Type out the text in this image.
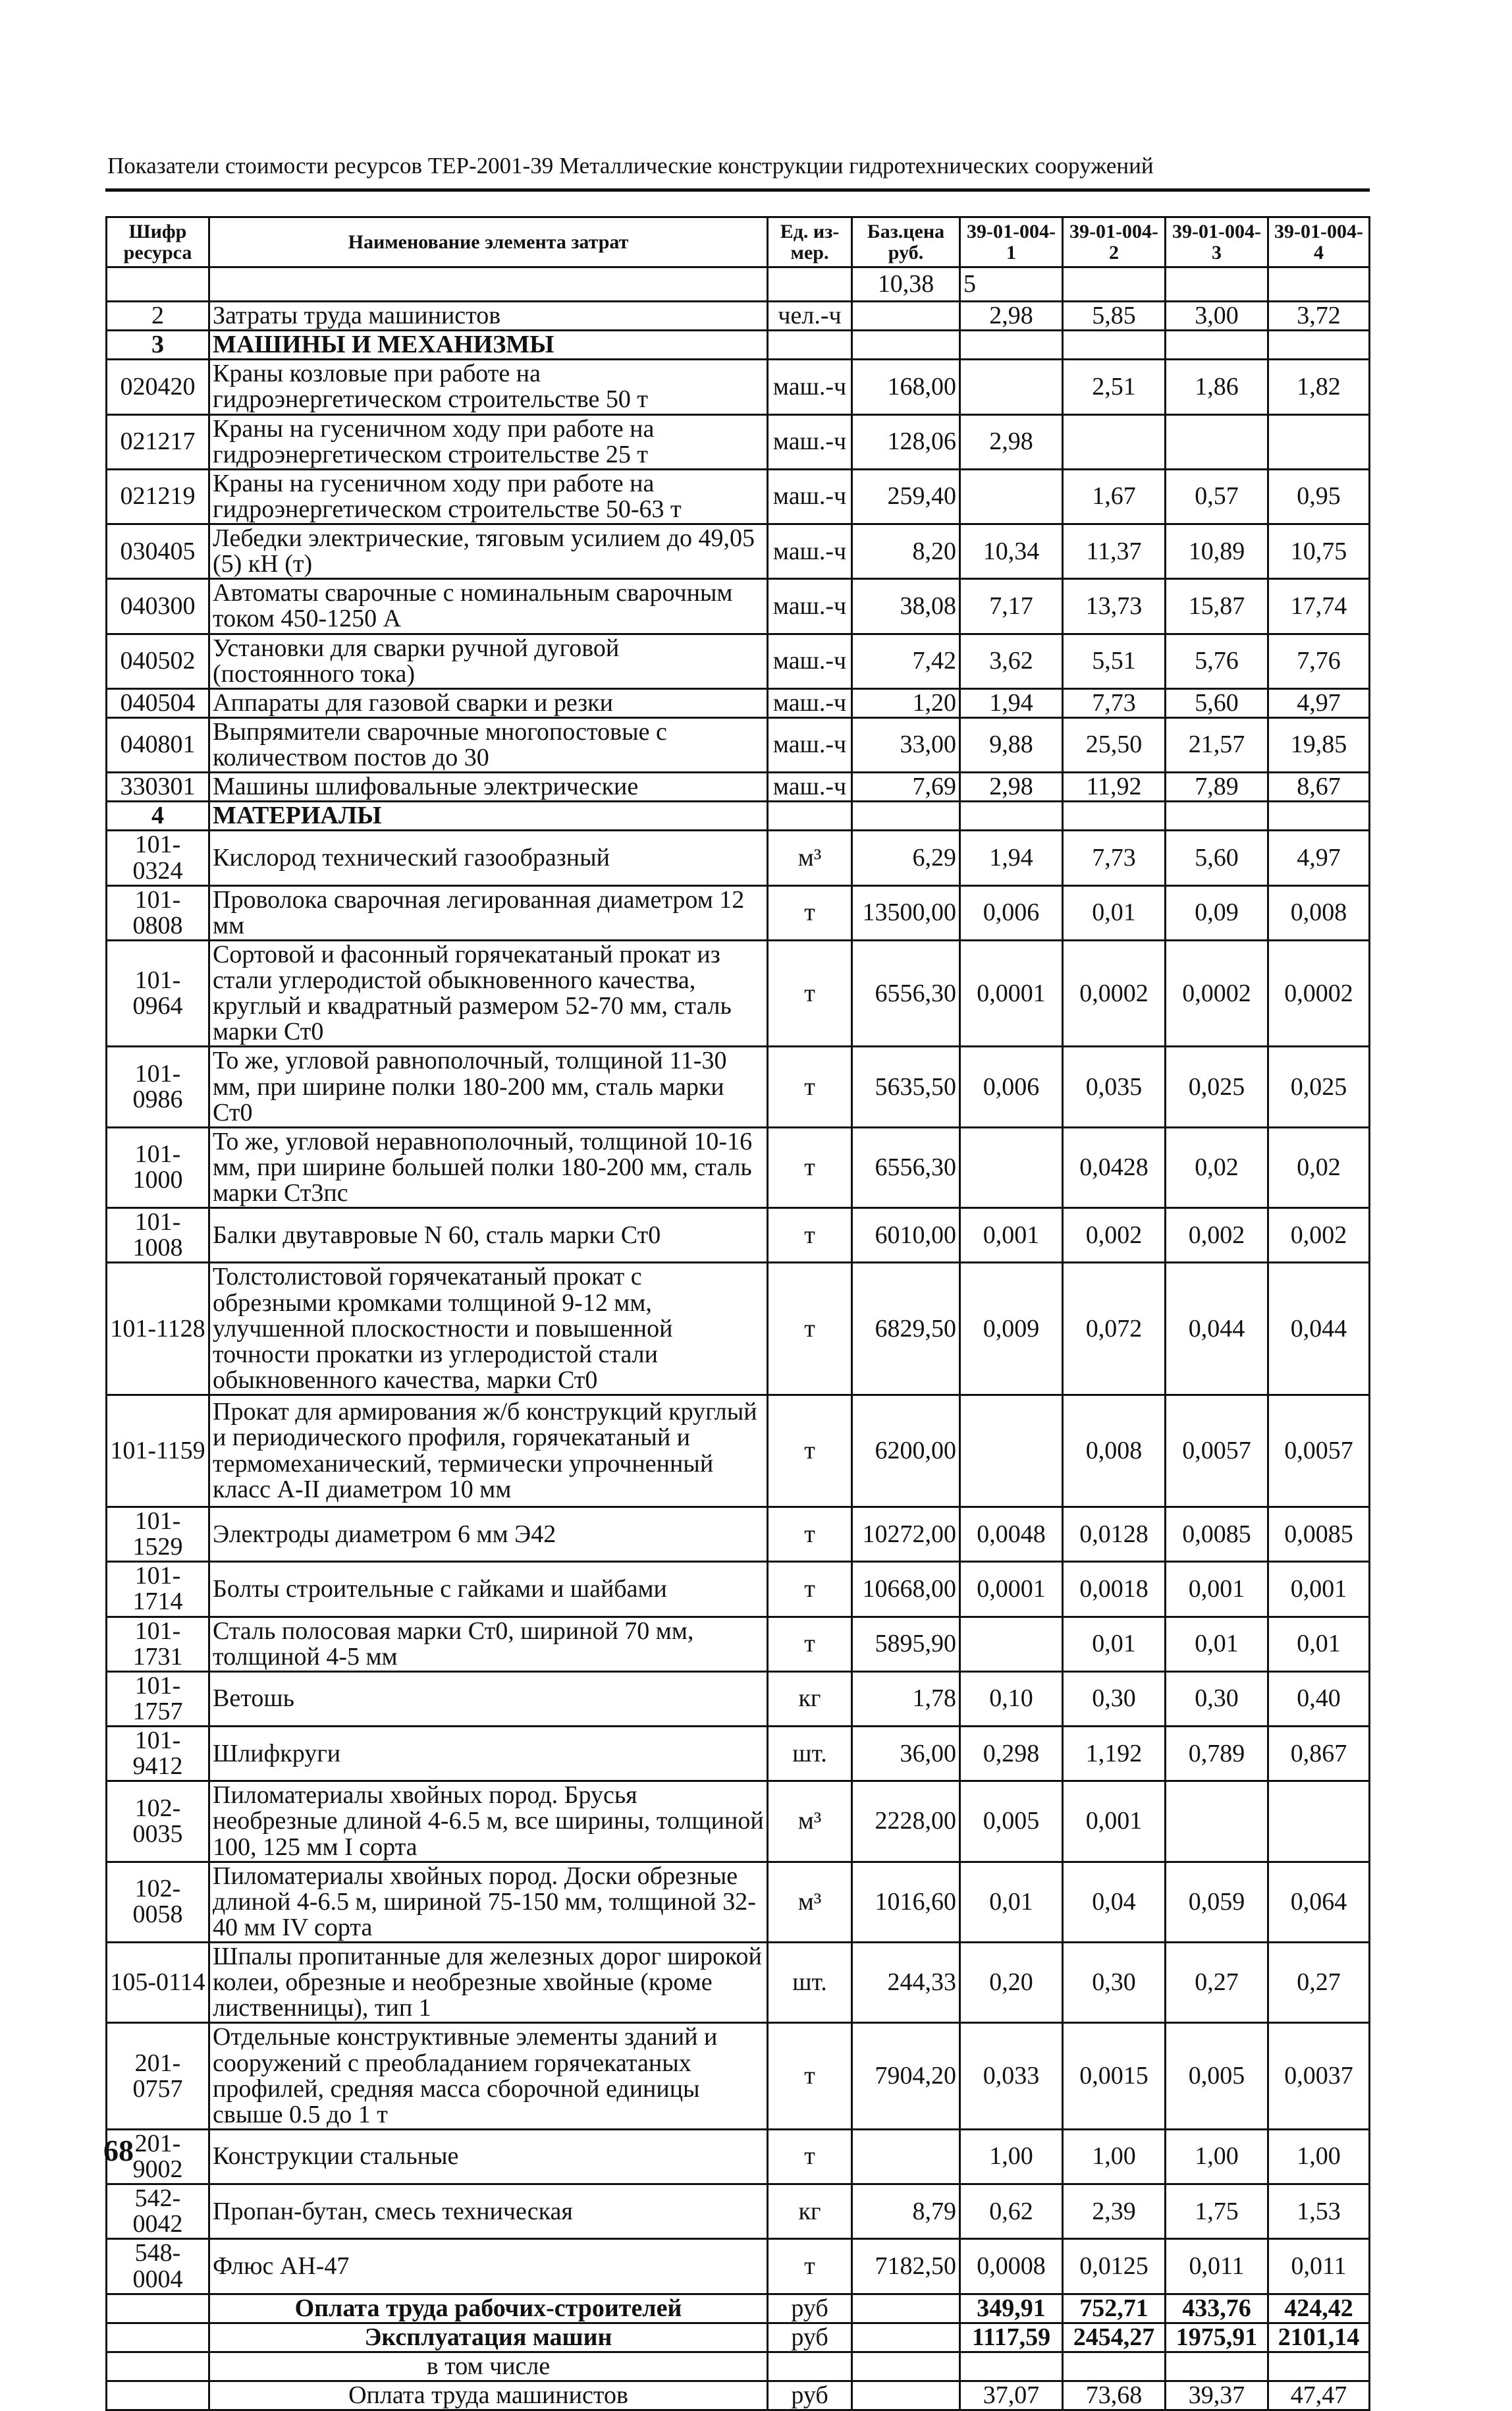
Показатели стоимости ресурсов ТЕР-2001-39 Металлические конструкции гидротехнических сооружений
Шифр ресурса	Наименование элемента затрат	Ед. из-мер.	Баз.цена руб.	39-01-004-1	39-01-004-2	39-01-004-3	39-01-004-4
			10,38	5			
2	Затраты труда машинистов	чел.-ч		2,98	5,85	3,00	3,72
3	МАШИНЫ И МЕХАНИЗМЫ						
020420	Краны козловые при работе на гидроэнергетическом строительстве 50 т	маш.-ч	168,00		2,51	1,86	1,82
021217	Краны на гусеничном ходу при работе на гидроэнергетическом строительстве 25 т	маш.-ч	128,06	2,98			
021219	Краны на гусеничном ходу при работе на гидроэнергетическом строительстве 50-63 т	маш.-ч	259,40		1,67	0,57	0,95
030405	Лебедки электрические, тяговым усилием до 49,05 (5) кН (т)	маш.-ч	8,20	10,34	11,37	10,89	10,75
040300	Автоматы сварочные с номинальным сварочным током 450-1250 А	маш.-ч	38,08	7,17	13,73	15,87	17,74
040502	Установки для сварки ручной дуговой (постоянного тока)	маш.-ч	7,42	3,62	5,51	5,76	7,76
040504	Аппараты для газовой сварки и резки	маш.-ч	1,20	1,94	7,73	5,60	4,97
040801	Выпрямители сварочные многопостовые с количеством постов до 30	маш.-ч	33,00	9,88	25,50	21,57	19,85
330301	Машины шлифовальные электрические	маш.-ч	7,69	2,98	11,92	7,89	8,67
4	МАТЕРИАЛЫ						
101-0324	Кислород технический газообразный	м³	6,29	1,94	7,73	5,60	4,97
101-0808	Проволока сварочная легированная диаметром 12 мм	т	13500,00	0,006	0,01	0,09	0,008
101-0964	Сортовой и фасонный горячекатаный прокат из стали углеродистой обыкновенного качества, круглый и квадратный размером 52-70 мм, сталь марки Ст0	т	6556,30	0,0001	0,0002	0,0002	0,0002
101-0986	То же, угловой равнополочный, толщиной 11-30 мм, при ширине полки 180-200 мм, сталь марки Ст0	т	5635,50	0,006	0,035	0,025	0,025
101-1000	То же, угловой неравнополочный, толщиной 10-16 мм, при ширине большей полки 180-200 мм, сталь марки Ст3пс	т	6556,30		0,0428	0,02	0,02
101-1008	Балки двутавровые N 60, сталь марки Ст0	т	6010,00	0,001	0,002	0,002	0,002
101-1128	Толстолистовой горячекатаный прокат с обрезными кромками толщиной 9-12 мм, улучшенной плоскостности и повышенной точности прокатки из углеродистой стали обыкновенного качества, марки Ст0	т	6829,50	0,009	0,072	0,044	0,044
101-1159	Прокат для армирования ж/б конструкций круглый и периодического профиля, горячекатаный и термомеханический, термически упрочненный класс А-II диаметром 10 мм	т	6200,00		0,008	0,0057	0,0057
101-1529	Электроды диаметром 6 мм Э42	т	10272,00	0,0048	0,0128	0,0085	0,0085
101-1714	Болты строительные с гайками и шайбами	т	10668,00	0,0001	0,0018	0,001	0,001
101-1731	Сталь полосовая марки Ст0, шириной 70 мм, толщиной 4-5 мм	т	5895,90		0,01	0,01	0,01
101-1757	Ветошь	кг	1,78	0,10	0,30	0,30	0,40
101-9412	Шлифкруги	шт.	36,00	0,298	1,192	0,789	0,867
102-0035	Пиломатериалы хвойных пород. Брусья необрезные длиной 4-6.5 м, все ширины, толщиной 100, 125 мм I сорта	м³	2228,00	0,005	0,001		
102-0058	Пиломатериалы хвойных пород. Доски обрезные длиной 4-6.5 м, шириной 75-150 мм, толщиной 32-40 мм IV сорта	м³	1016,60	0,01	0,04	0,059	0,064
105-0114	Шпалы пропитанные для железных дорог широкой колеи, обрезные и необрезные хвойные (кроме лиственницы), тип 1	шт.	244,33	0,20	0,30	0,27	0,27
201-0757	Отдельные конструктивные элементы зданий и сооружений с преобладанием горячекатаных профилей, средняя масса сборочной единицы свыше 0.5 до 1 т	т	7904,20	0,033	0,0015	0,005	0,0037
201-9002	Конструкции стальные	т		1,00	1,00	1,00	1,00
542-0042	Пропан-бутан, смесь техническая	кг	8,79	0,62	2,39	1,75	1,53
548-0004	Флюс АН-47	т	7182,50	0,0008	0,0125	0,011	0,011
	Оплата труда рабочих-строителей	руб		349,91	752,71	433,76	424,42
	Эксплуатация машин	руб		1117,59	2454,27	1975,91	2101,14
	в том числе						
	Оплата труда машинистов	руб		37,07	73,68	39,37	47,47
68
